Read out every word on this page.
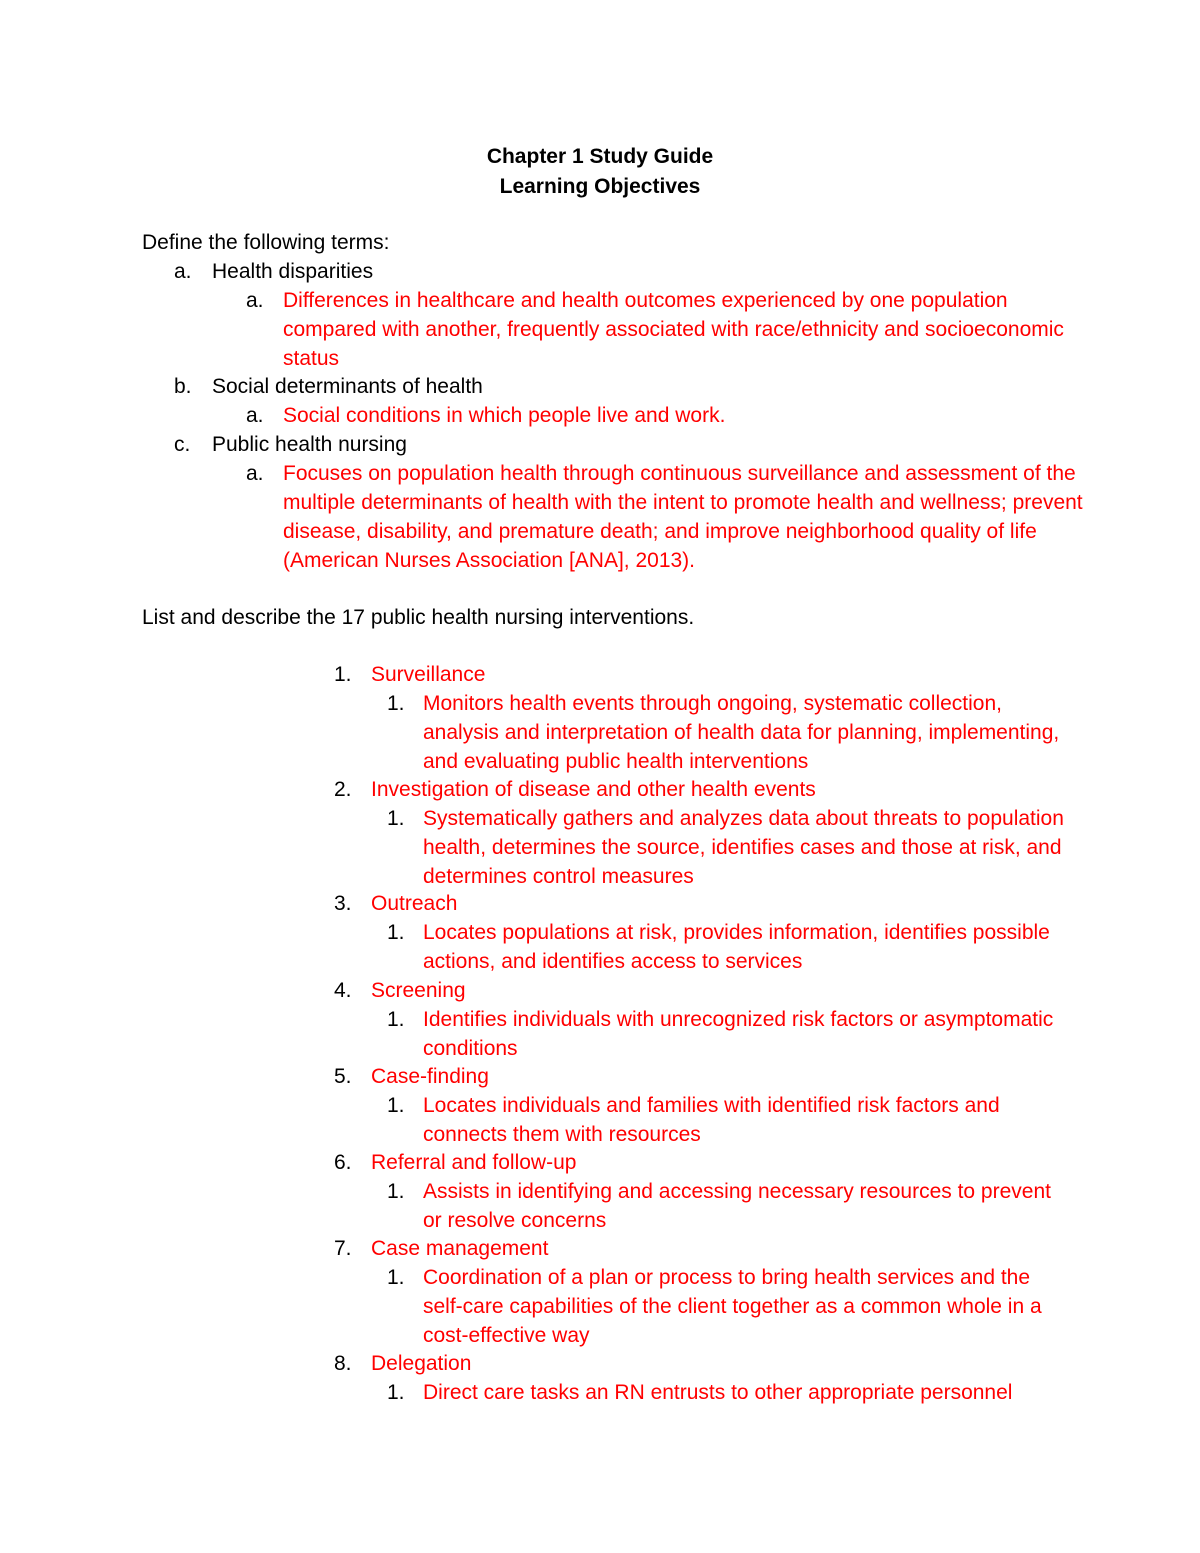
Chapter 1 Study Guide
Learning Objectives
Define the following terms:
a. Health disparities
a. Differences in healthcare and health outcomes experienced by one population compared with another, frequently associated with race/ethnicity and socioeconomic status
b. Social determinants of health
a. Social conditions in which people live and work.
c. Public health nursing
a. Focuses on population health through continuous surveillance and assessment of the multiple determinants of health with the intent to promote health and wellness; prevent disease, disability, and premature death; and improve neighborhood quality of life (American Nurses Association [ANA], 2013).
List and describe the 17 public health nursing interventions.
1. Surveillance
1. Monitors health events through ongoing, systematic collection, analysis and interpretation of health data for planning, implementing, and evaluating public health interventions
2. Investigation of disease and other health events
1. Systematically gathers and analyzes data about threats to population health, determines the source, identifies cases and those at risk, and determines control measures
3. Outreach
1. Locates populations at risk, provides information, identifies possible actions, and identifies access to services
4. Screening
1. Identifies individuals with unrecognized risk factors or asymptomatic conditions
5. Case-finding
1. Locates individuals and families with identified risk factors and connects them with resources
6. Referral and follow-up
1. Assists in identifying and accessing necessary resources to prevent or resolve concerns
7. Case management
1. Coordination of a plan or process to bring health services and the self-care capabilities of the client together as a common whole in a cost-effective way
8. Delegation
1. Direct care tasks an RN entrusts to other appropriate personnel
